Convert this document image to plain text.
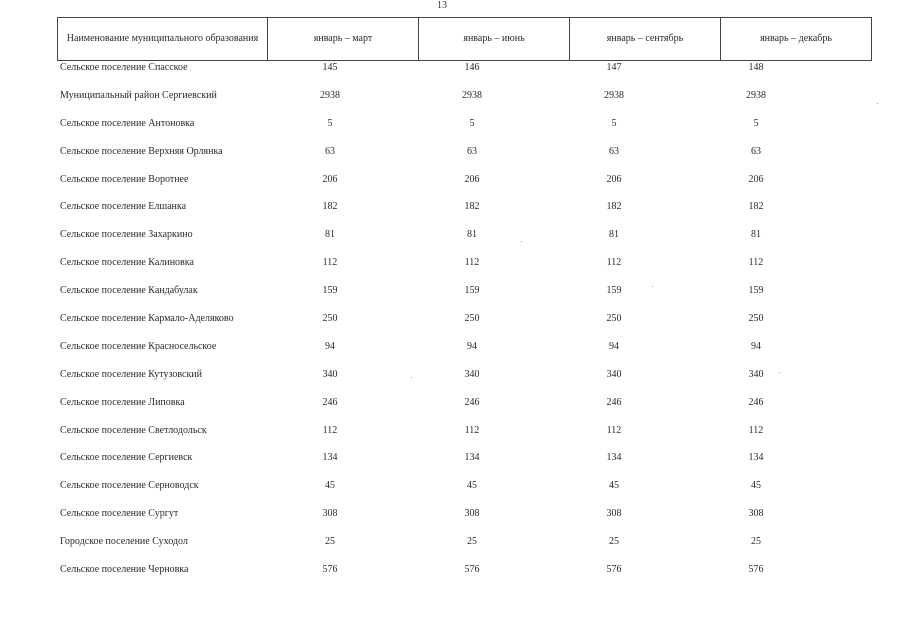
13
Наименование муниципального образования	январь – март	январь – июнь	январь – сентябрь	январь – декабрь
Сельское поселение Спасское	145	146	147	148
Муниципальный район Сергиевский	2938	2938	2938	2938
Сельское поселение Антоновка	5	5	5	5
Сельское поселение Верхняя Орлянка	63	63	63	63
Сельское поселение Воротнее	206	206	206	206
Сельское поселение Елшанка	182	182	182	182
Сельское поселение Захаркино	81	81	81	81
Сельское поселение Калиновка	112	112	112	112
Сельское поселение Кандабулак	159	159	159	159
Сельское поселение Кармало-Аделяково	250	250	250	250
Сельское поселение Красносельское	94	94	94	94
Сельское поселение Кутузовский	340	340	340	340
Сельское поселение Липовка	246	246	246	246
Сельское поселение Светлодольск	112	112	112	112
Сельское поселение Сергиевск	134	134	134	134
Сельское поселение Серноводск	45	45	45	45
Сельское поселение Сургут	308	308	308	308
Городское поселение Суходол	25	25	25	25
Сельское поселение Черновка	576	576	576	576
